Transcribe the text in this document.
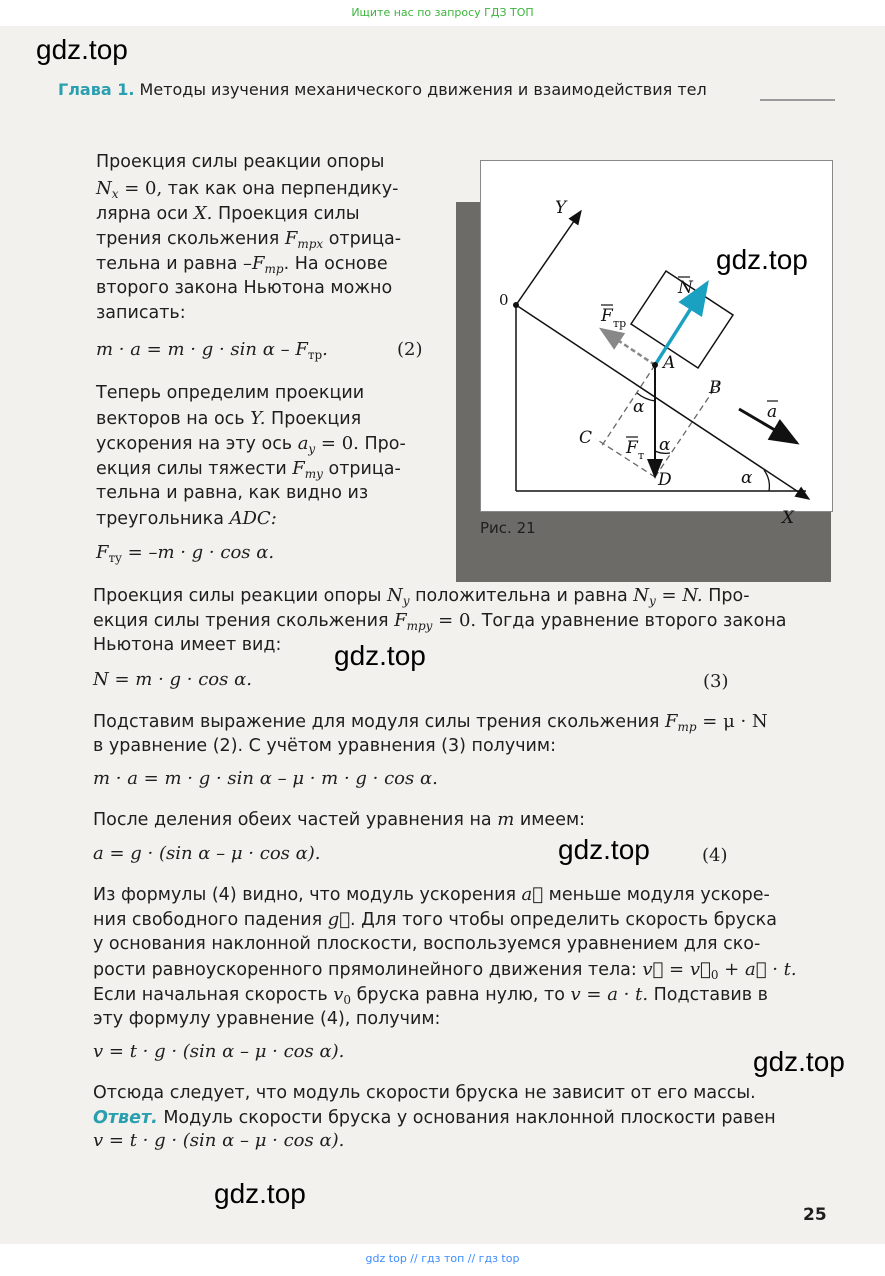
Ищите нас по запросу ГДЗ ТОП
gdz.top
Глава 1. Методы изучения механического движения и взаимодействия тел
Y
X
0
A
B
C
D	α
α
α
N
F тр
F т
a
Рис. 21
gdz.top
Проекция силы реакции опоры
$N_x = 0$, так как она перпендику-
лярна оси X. Проекция силы
трения скольжения $F_{трx}$ отрица-
тельна и равна $-F_{тр}$. На основе
второго закона Ньютона можно
записать:
$m \cdot a = m \cdot g \cdot \sin \alpha - F_{тр}$.	(2)
Теперь определим проекции
векторов на ось Y. Проекция
ускорения на эту ось $a_y = 0$. Про-
екция силы тяжести $F_{тy}$ отрица-
тельна и равна, как видно из
треугольника ADC:
$F_{тy} = -m \cdot g \cdot \cos \alpha$.
Проекция силы реакции опоры $N_y$ положительна и равна $N_y = N$. Про-
екция силы трения скольжения $F_{трy} = 0$. Тогда уравнение второго закона
Ньютона имеет вид: gdz.top
N = m · g · cos α.	(3)
Подставим выражение для модуля силы трения скольжения $F_{тр} = \mu \cdot N$
в уравнение (2). С учётом уравнения (3) получим:
m · a = m · g · sin α – μ · m · g · cos α.
После деления обеих частей уравнения на m имеем:
a = g · (sin α – μ · cos α).	gdz.top	(4)
Из формулы (4) видно, что модуль ускорения a⃗ меньше модуля ускоре-
ния свободного падения g⃗. Для того чтобы определить скорость бруска
у основания наклонной плоскости, воспользуемся уравнением для ско-
рости равноускоренного прямолинейного движения тела: v⃗ = $v⃗_0$ + a⃗ · t.
Если начальная скорость $v_0$ бруска равна нулю, то v = a · t. Подставив в
эту формулу уравнение (4), получим:
v = t · g · (sin α – μ · cos α).	gdz.top
Отсюда следует, что модуль скорости бруска не зависит от его массы.
Ответ. Модуль скорости бруска у основания наклонной плоскости равен
v = t · g · (sin α – μ · cos α).
gdz.top
25
gdz top // гдз топ // гдз top
